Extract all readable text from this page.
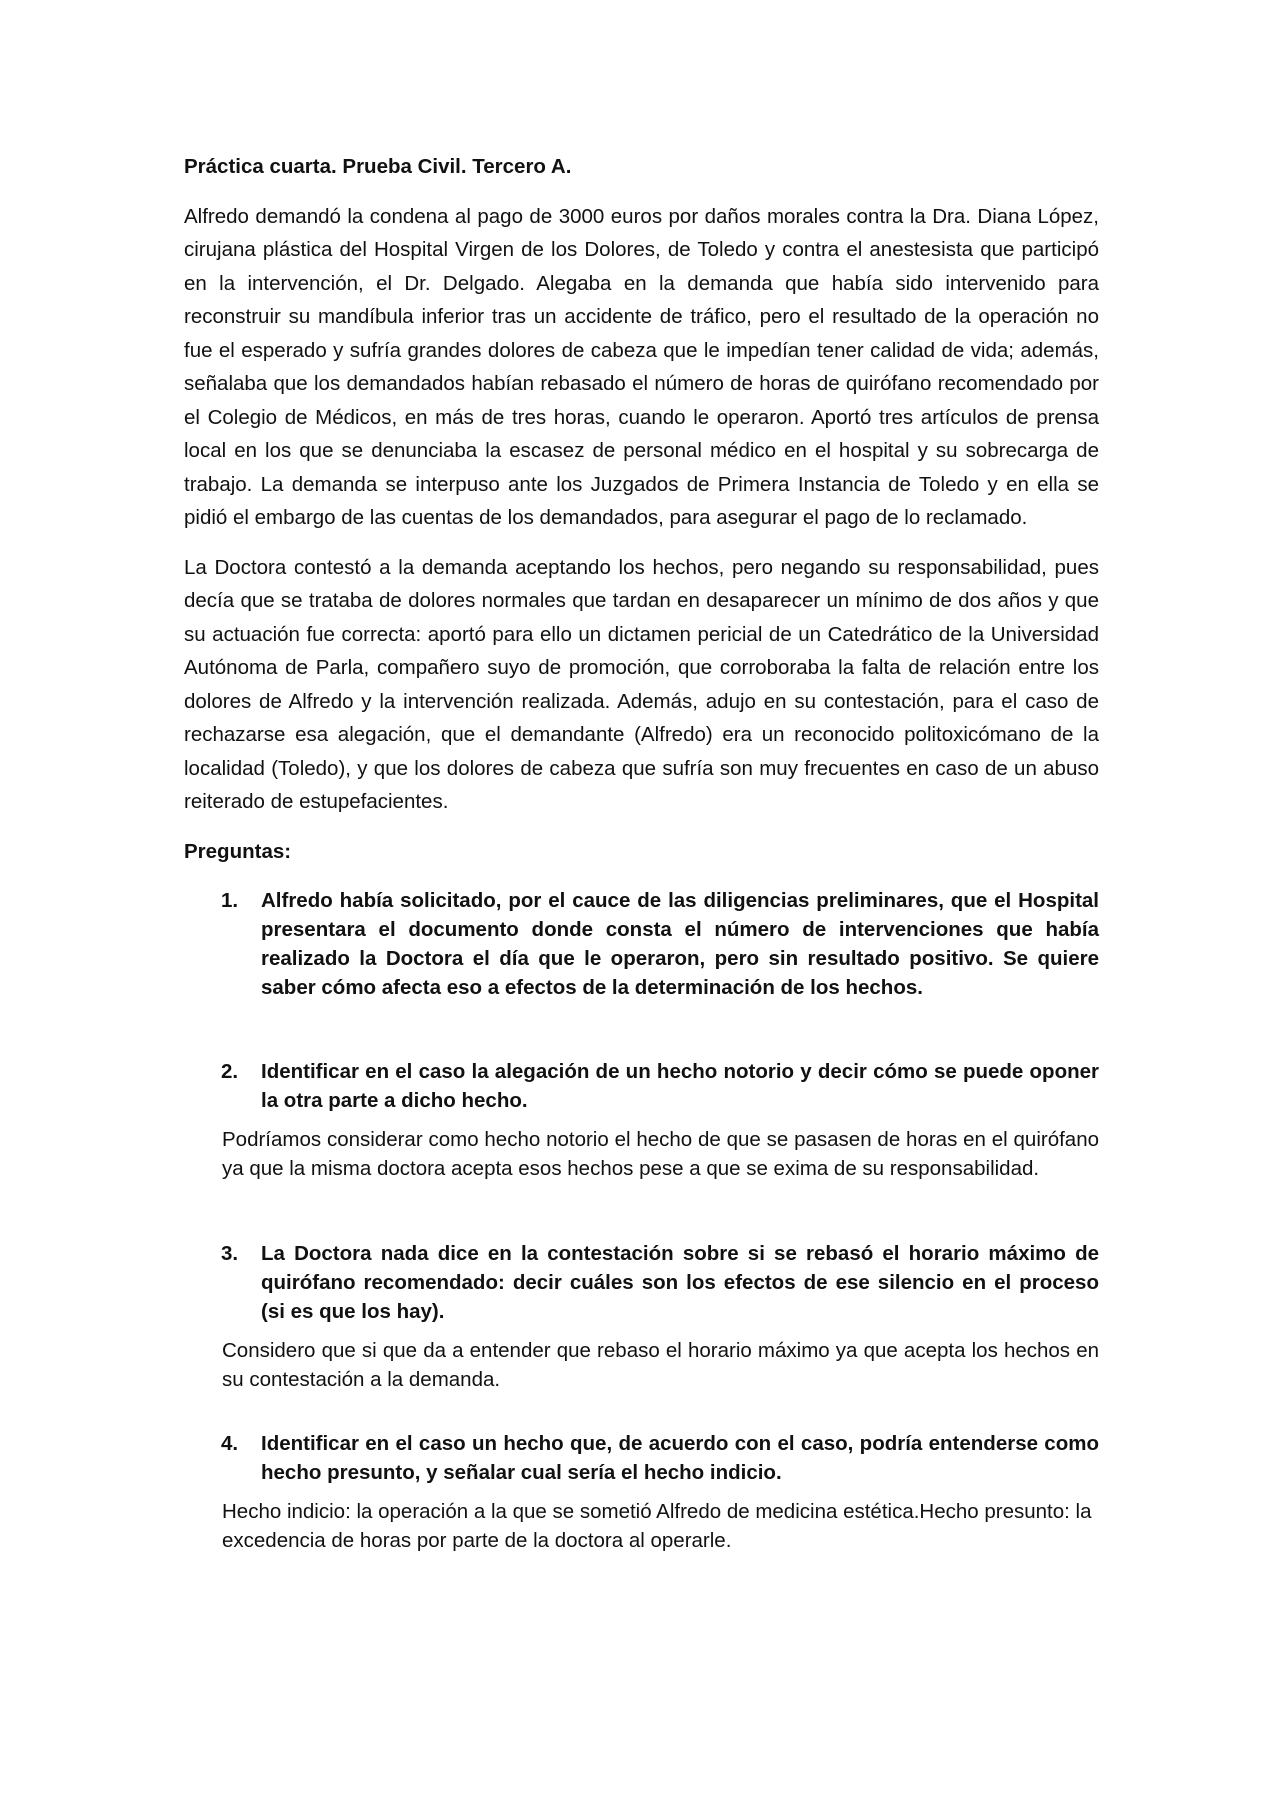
Práctica cuarta. Prueba Civil. Tercero A.

Alfredo demandó la condena al pago de 3000 euros por daños morales contra la Dra. Diana López, cirujana plástica del Hospital Virgen de los Dolores, de Toledo y contra el anestesista que participó en la intervención, el Dr. Delgado. Alegaba en la demanda que había sido intervenido para reconstruir su mandíbula inferior tras un accidente de tráfico, pero el resultado de la operación no fue el esperado y sufría grandes dolores de cabeza que le impedían tener calidad de vida; además, señalaba que los demandados habían rebasado el número de horas de quirófano recomendado por el Colegio de Médicos, en más de tres horas, cuando le operaron. Aportó tres artículos de prensa local en los que se denunciaba la escasez de personal médico en el hospital y su sobrecarga de trabajo. La demanda se interpuso ante los Juzgados de Primera Instancia de Toledo y en ella se pidió el embargo de las cuentas de los demandados, para asegurar el pago de lo reclamado.

La Doctora contestó a la demanda aceptando los hechos, pero negando su responsabilidad, pues decía que se trataba de dolores normales que tardan en desaparecer un mínimo de dos años y que su actuación fue correcta: aportó para ello un dictamen pericial de un Catedrático de la Universidad Autónoma de Parla, compañero suyo de promoción, que corroboraba la falta de relación entre los dolores de Alfredo y la intervención realizada. Además, adujo en su contestación, para el caso de rechazarse esa alegación, que el demandante (Alfredo) era un reconocido politoxicómano de la localidad (Toledo), y que los dolores de cabeza que sufría son muy frecuentes en caso de un abuso reiterado de estupefacientes.

Preguntas:

1. Alfredo había solicitado, por el cauce de las diligencias preliminares, que el Hospital presentara el documento donde consta el número de intervenciones que había realizado la Doctora el día que le operaron, pero sin resultado positivo. Se quiere saber cómo afecta eso a efectos de la determinación de los hechos.
2. Identificar en el caso la alegación de un hecho notorio y decir cómo se puede oponer la otra parte a dicho hecho.

Podríamos considerar como hecho notorio el hecho de que se pasasen de horas en el quirófano ya que la misma doctora acepta esos hechos pese a que se exima de su responsabilidad.

3. La Doctora nada dice en la contestación sobre si se rebasó el horario máximo de quirófano recomendado: decir cuáles son los efectos de ese silencio en el proceso (si es que los hay).

Considero que si que da a entender que rebaso el horario máximo ya que acepta los hechos en su contestación a la demanda.

4. Identificar en el caso un hecho que, de acuerdo con el caso, podría entenderse como hecho presunto, y señalar cual sería el hecho indicio.

Hecho indicio: la operación a la que se sometió Alfredo de medicina estética.Hecho presunto: la excedencia de horas por parte de la doctora al operarle.
